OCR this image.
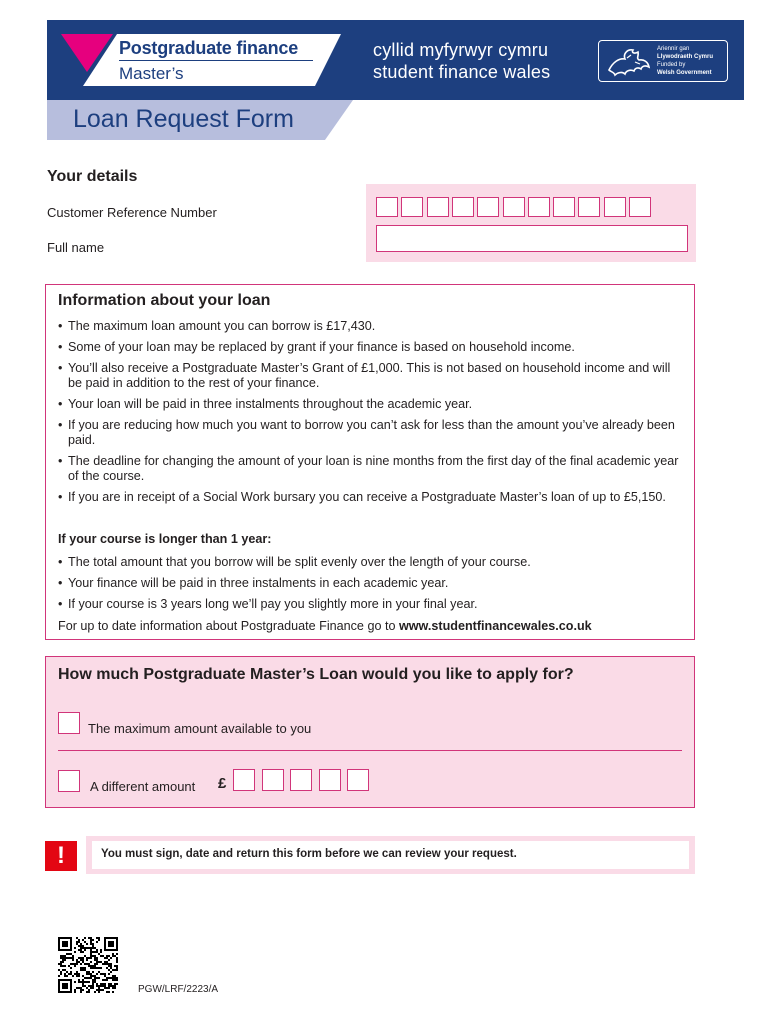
Postgraduate finance
Master’s
cyllid myfyrwyr cymru
student finance wales
Ariennir gan
Llywodraeth Cymru
Funded by
Welsh Government
Loan Request Form
Your details
Customer Reference Number
Full name
Information about your loan
• The maximum loan amount you can borrow is £17,430.
• Some of your loan may be replaced by grant if your finance is based on household income.
• You’ll also receive a Postgraduate Master’s Grant of £1,000. This is not based on household income and will be paid in addition to the rest of your finance.
• Your loan will be paid in three instalments throughout the academic year.
• If you are reducing how much you want to borrow you can’t ask for less than the amount you’ve already been paid.
• The deadline for changing the amount of your loan is nine months from the first day of the final academic year of the course.
• If you are in receipt of a Social Work bursary you can receive a Postgraduate Master’s loan of up to £5,150.
If your course is longer than 1 year:
• The total amount that you borrow will be split evenly over the length of your course.
• Your finance will be paid in three instalments in each academic year.
• If your course is 3 years long we’ll pay you slightly more in your final year.
For up to date information about Postgraduate Finance go to www.studentfinancewales.co.uk
How much Postgraduate Master’s Loan would you like to apply for?
The maximum amount available to you
A different amount £
!	You must sign, date and return this form before we can review your request.
PGW/LRF/2223/A
